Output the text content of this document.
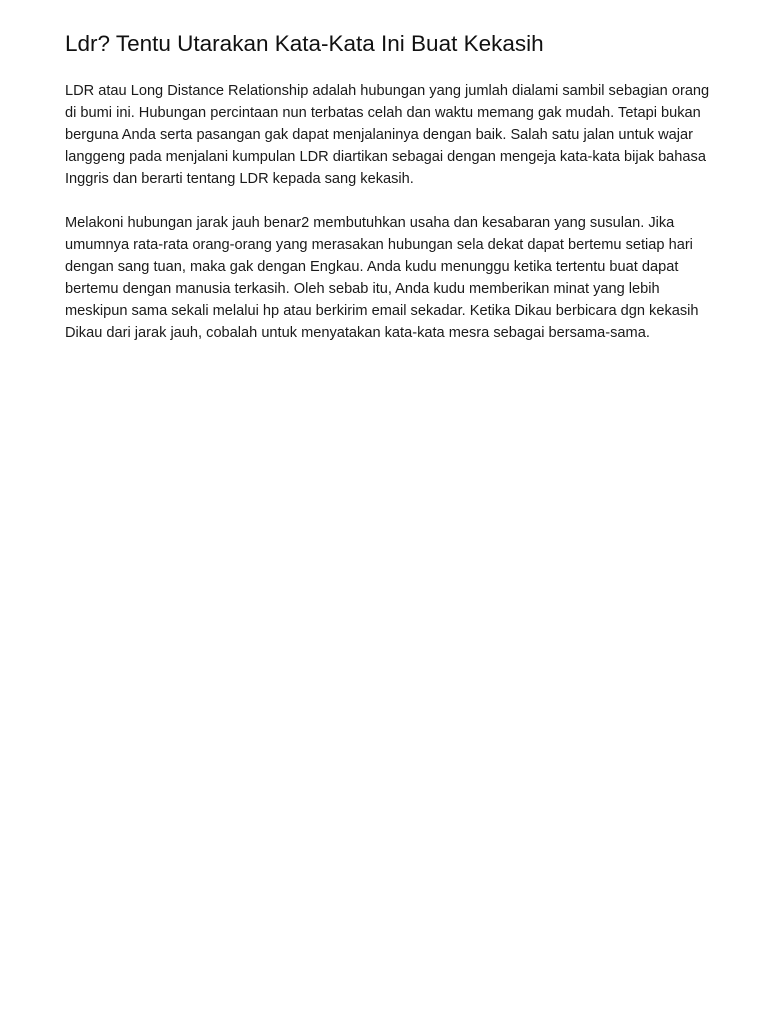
Ldr? Tentu Utarakan Kata-Kata Ini Buat Kekasih

LDR atau Long Distance Relationship adalah hubungan yang jumlah dialami sambil sebagian orang di bumi ini. Hubungan percintaan nun terbatas celah dan waktu memang gak mudah. Tetapi bukan berguna Anda serta pasangan gak dapat menjalaninya dengan baik. Salah satu jalan untuk wajar langgeng pada menjalani kumpulan LDR diartikan sebagai dengan mengeja kata-kata bijak bahasa Inggris dan berarti tentang LDR kepada sang kekasih.

Melakoni hubungan jarak jauh benar2 membutuhkan usaha dan kesabaran yang susulan. Jika umumnya rata-rata orang-orang yang merasakan hubungan sela dekat dapat bertemu setiap hari dengan sang tuan, maka gak dengan Engkau. Anda kudu menunggu ketika tertentu buat dapat bertemu dengan manusia terkasih. Oleh sebab itu, Anda kudu memberikan minat yang lebih meskipun sama sekali melalui hp atau berkirim email sekadar. Ketika Dikau berbicara dgn kekasih Dikau dari jarak jauh, cobalah untuk menyatakan kata-kata mesra sebagai bersama-sama.
